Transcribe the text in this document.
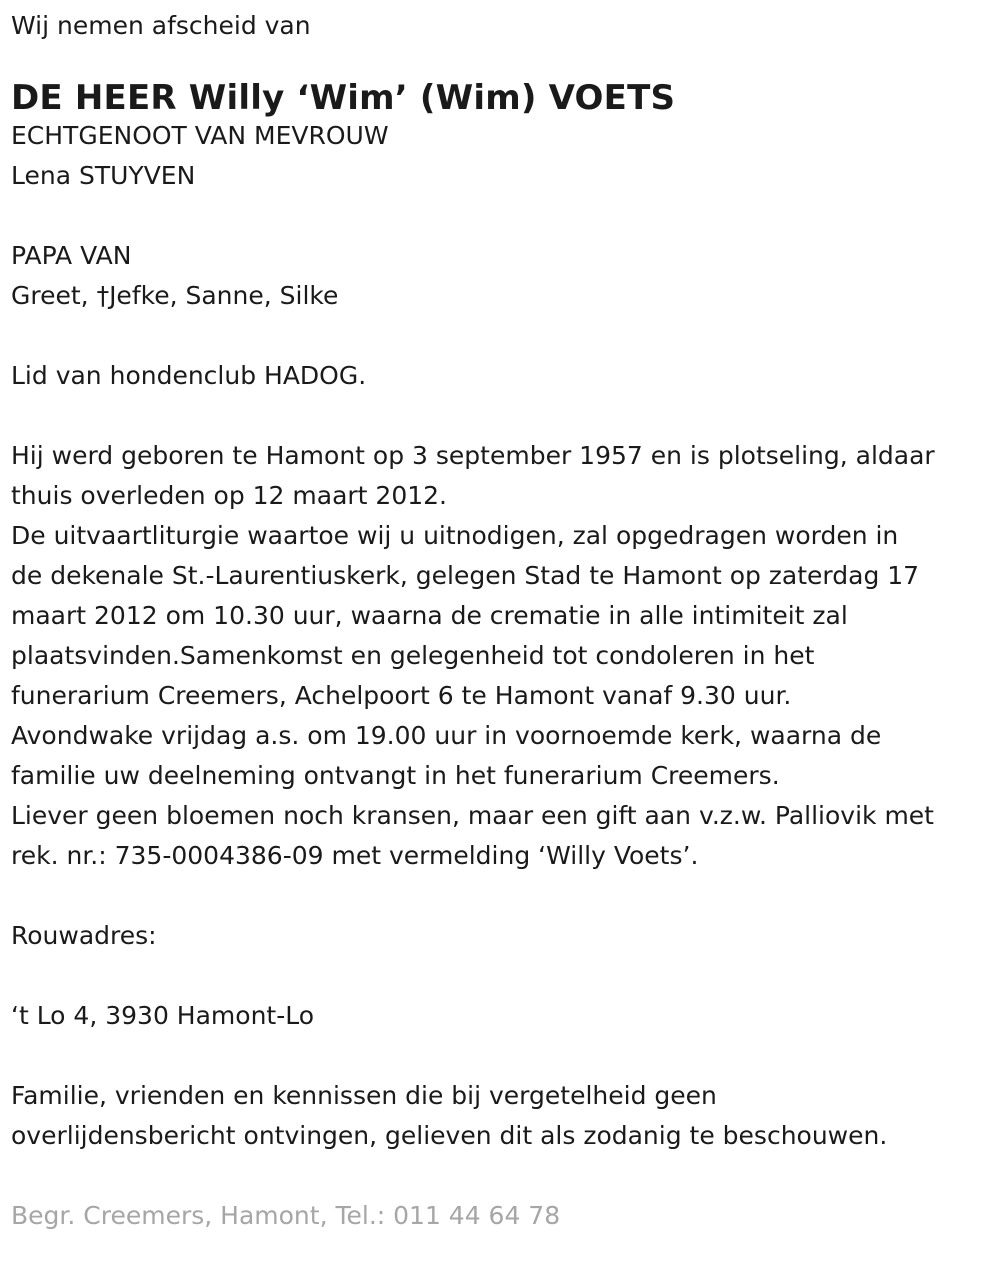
Wij nemen afscheid van

DE HEER Willy ‘Wim’ (Wim) VOETS

ECHTGENOOT VAN MEVROUW

Lena STUYVEN

PAPA VAN

Greet, †Jefke, Sanne, Silke

Lid van hondenclub HADOG.

Hij werd geboren te Hamont op 3 september 1957 en is plotseling, aldaar

thuis overleden op 12 maart 2012.

De uitvaartliturgie waartoe wij u uitnodigen, zal opgedragen worden in

de dekenale St.-Laurentiuskerk, gelegen Stad te Hamont op zaterdag 17

maart 2012 om 10.30 uur, waarna de crematie in alle intimiteit zal

plaatsvinden.Samenkomst en gelegenheid tot condoleren in het

funerarium Creemers, Achelpoort 6 te Hamont vanaf 9.30 uur.

Avondwake vrijdag a.s. om 19.00 uur in voornoemde kerk, waarna de

familie uw deelneming ontvangt in het funerarium Creemers.

Liever geen bloemen noch kransen, maar een gift aan v.z.w. Palliovik met

rek. nr.: 735-0004386-09 met vermelding ‘Willy Voets’.

Rouwadres:

‘t Lo 4, 3930 Hamont-Lo

Familie, vrienden en kennissen die bij vergetelheid geen

overlijdensbericht ontvingen, gelieven dit als zodanig te beschouwen.

Begr. Creemers, Hamont, Tel.: 011 44 64 78
